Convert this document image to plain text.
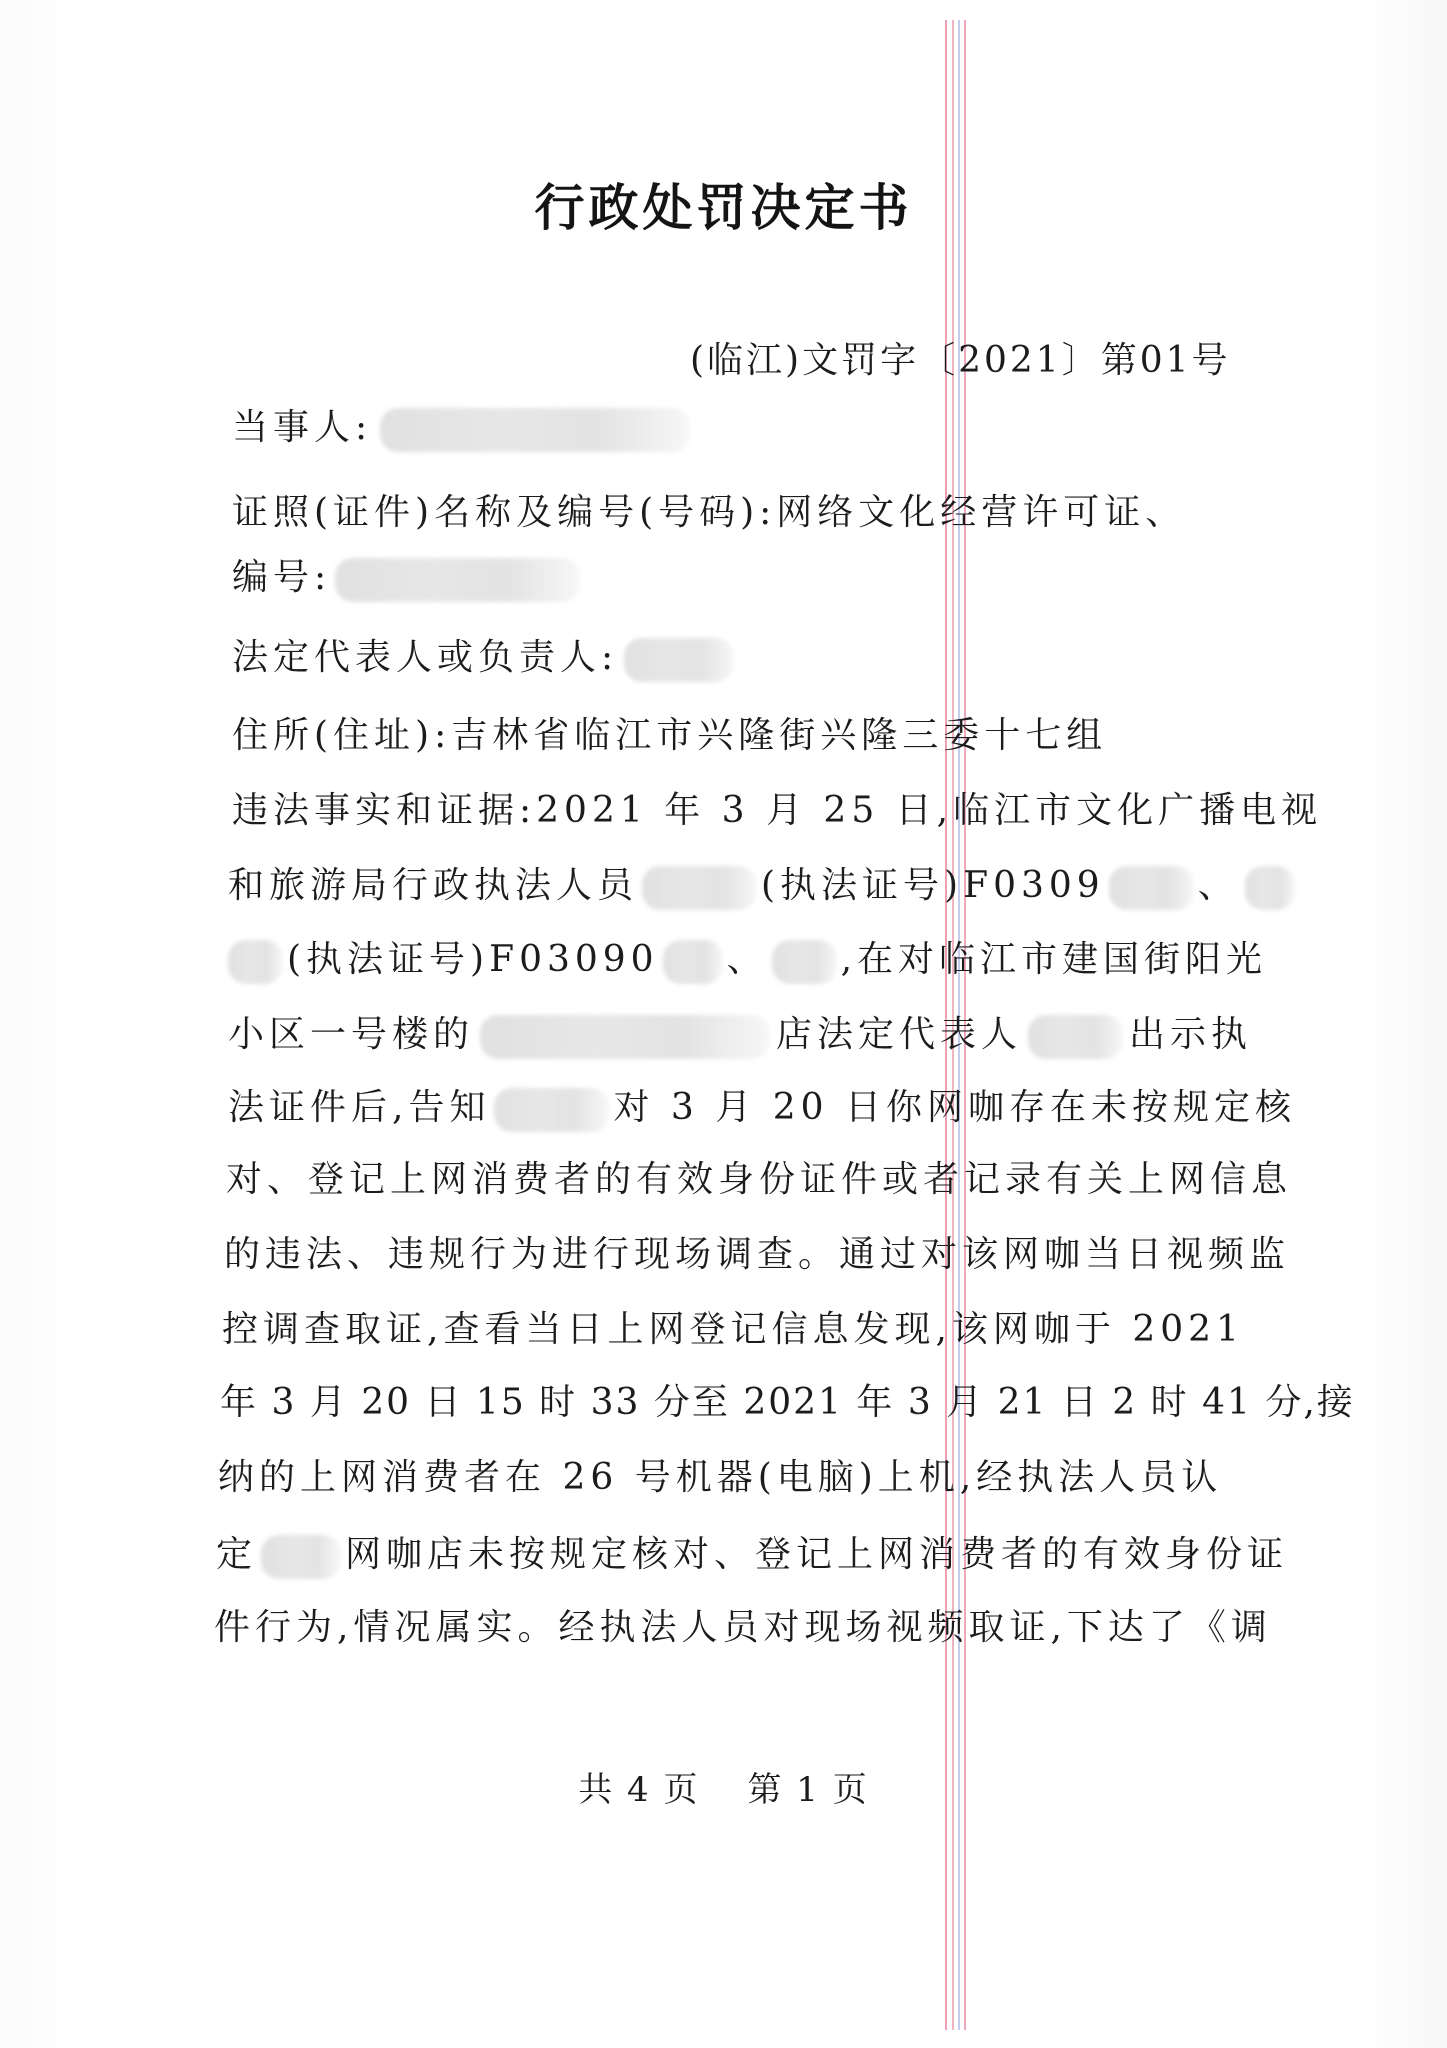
行政处罚决定书
(临江)文罚字〔2021〕第01号
当事人:
证照(证件)名称及编号(号码):网络文化经营许可证、
编号:
法定代表人或负责人:
住所(住址):吉林省临江市兴隆街兴隆三委十七组
违法事实和证据:2021 年 3 月 25 日,临江市文化广播电视
和旅游局行政执法人员	(执法证号)F0309	、
(执法证号)F03090 、 ,在对临江市建国街阳光
小区一号楼的	店法定代表人	出示执
法证件后,告知	对 3 月 20 日你网咖存在未按规定核
对、登记上网消费者的有效身份证件或者记录有关上网信息
的违法、违规行为进行现场调查。通过对该网咖当日视频监
控调查取证,查看当日上网登记信息发现,该网咖于 2021
年 3 月 20 日 15 时 33 分至 2021 年 3 月 21 日 2 时 41 分,接
纳的上网消费者在 26 号机器(电脑)上机,经执法人员认
定 网咖店未按规定核对、登记上网消费者的有效身份证
件行为,情况属实。经执法人员对现场视频取证,下达了《调
共 4 页 第 1 页
